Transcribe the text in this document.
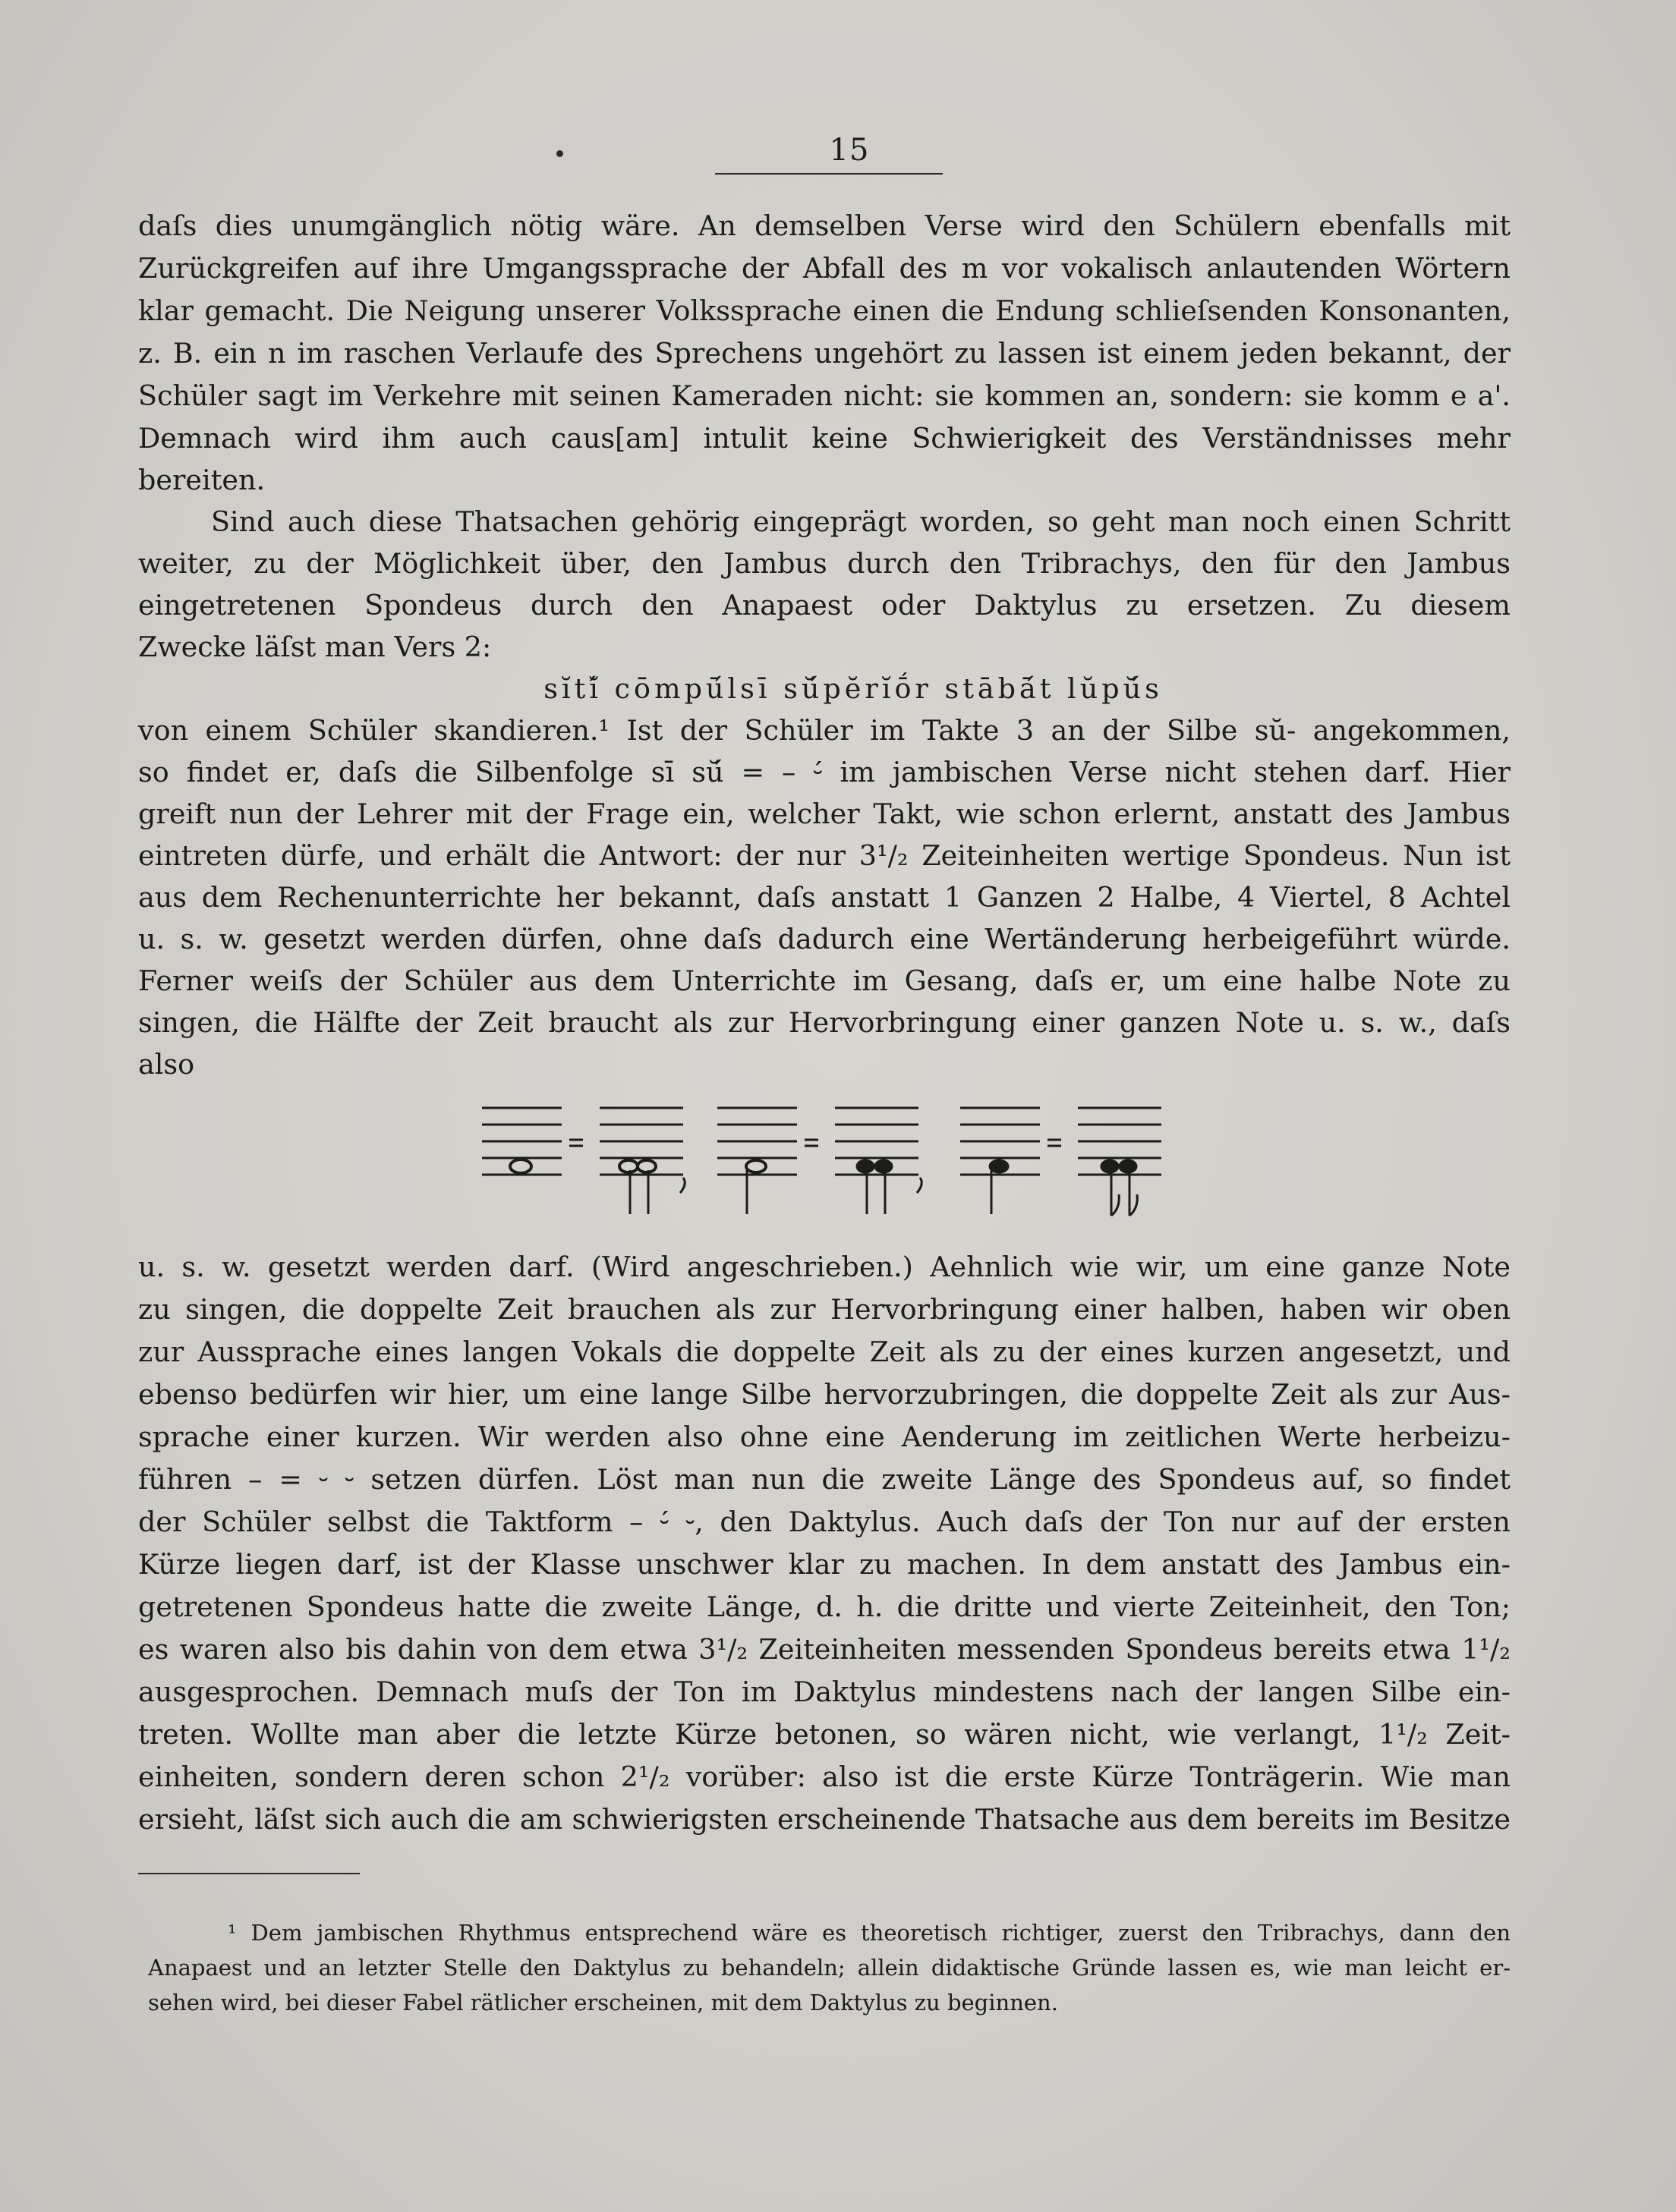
15
daſs dies unumgänglich nötig wäre. An demselben Verse wird den Schülern ebenfalls mit
Zurückgreifen auf ihre Umgangssprache der Abfall des m vor vokalisch anlautenden Wörtern
klar gemacht. Die Neigung unserer Volkssprache einen die Endung schlieſsenden Konsonanten,
z. B. ein n im raschen Verlaufe des Sprechens ungehört zu lassen ist einem jeden bekannt, der
Schüler sagt im Verkehre mit seinen Kameraden nicht: sie kommen an, sondern: sie komm e a'.
Demnach wird ihm auch caus[am] intulit keine Schwierigkeit des Verständnisses mehr
bereiten.
Sind auch diese Thatsachen gehörig eingeprägt worden, so geht man noch einen Schritt
weiter, zu der Möglichkeit über, den Jambus durch den Tribrachys, den für den Jambus
eingetretenen Spondeus durch den Anapaest oder Daktylus zu ersetzen. Zu diesem
Zwecke läſst man Vers 2:
sĭtĭ́ cōmpū́lsī sŭ́pĕrĭṓr stābā́t lŭpŭ́s
von einem Schüler skandieren.¹ Ist der Schüler im Takte 3 an der Silbe sŭ- angekommen,
so findet er, daſs die Silbenfolge sī sŭ́ = – ⏑́ im jambischen Verse nicht stehen darf. Hier
greift nun der Lehrer mit der Frage ein, welcher Takt, wie schon erlernt, anstatt des Jambus
eintreten dürfe, und erhält die Antwort: der nur 3¹/₂ Zeiteinheiten wertige Spondeus. Nun ist
aus dem Rechenunterrichte her bekannt, daſs anstatt 1 Ganzen 2 Halbe, 4 Viertel, 8 Achtel
u. s. w. gesetzt werden dürfen, ohne daſs dadurch eine Wertänderung herbeigeführt würde.
Ferner weiſs der Schüler aus dem Unterrichte im Gesang, daſs er, um eine halbe Note zu
singen, die Hälfte der Zeit braucht als zur Hervorbringung einer ganzen Note u. s. w., daſs
also
u. s. w. gesetzt werden darf. (Wird angeschrieben.) Aehnlich wie wir, um eine ganze Note
zu singen, die doppelte Zeit brauchen als zur Hervorbringung einer halben, haben wir oben
zur Aussprache eines langen Vokals die doppelte Zeit als zu der eines kurzen angesetzt, und
ebenso bedürfen wir hier, um eine lange Silbe hervorzubringen, die doppelte Zeit als zur Aus-
sprache einer kurzen. Wir werden also ohne eine Aenderung im zeitlichen Werte herbeizu-
führen – = ⏑ ⏑ setzen dürfen. Löst man nun die zweite Länge des Spondeus auf, so findet
der Schüler selbst die Taktform – ⏑́ ⏑, den Daktylus. Auch daſs der Ton nur auf der ersten
Kürze liegen darf, ist der Klasse unschwer klar zu machen. In dem anstatt des Jambus ein-
getretenen Spondeus hatte die zweite Länge, d. h. die dritte und vierte Zeiteinheit, den Ton;
es waren also bis dahin von dem etwa 3¹/₂ Zeiteinheiten messenden Spondeus bereits etwa 1¹/₂
ausgesprochen. Demnach muſs der Ton im Daktylus mindestens nach der langen Silbe ein-
treten. Wollte man aber die letzte Kürze betonen, so wären nicht, wie verlangt, 1¹/₂ Zeit-
einheiten, sondern deren schon 2¹/₂ vorüber: also ist die erste Kürze Tonträgerin. Wie man
ersieht, läſst sich auch die am schwierigsten erscheinende Thatsache aus dem bereits im Besitze
¹ Dem jambischen Rhythmus entsprechend wäre es theoretisch richtiger, zuerst den Tribrachys, dann den
Anapaest und an letzter Stelle den Daktylus zu behandeln; allein didaktische Gründe lassen es, wie man leicht er-
sehen wird, bei dieser Fabel rätlicher erscheinen, mit dem Daktylus zu beginnen.
